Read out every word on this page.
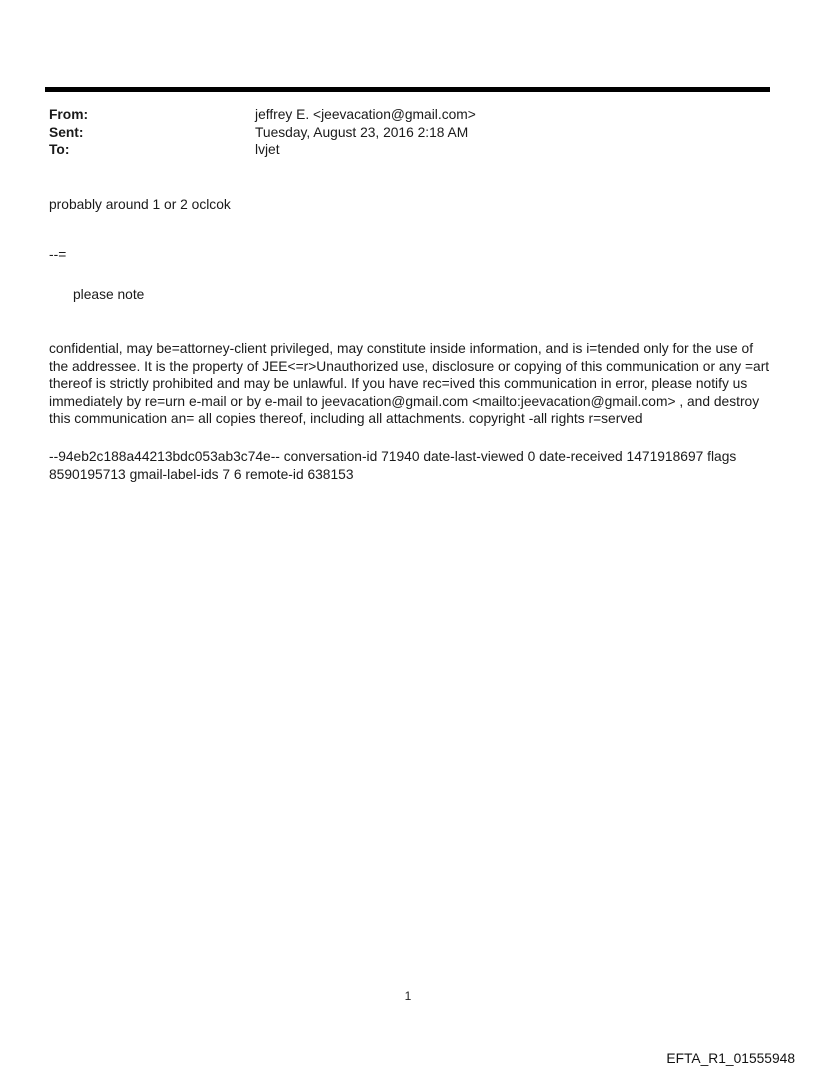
From:	jeffrey E. <jeevacation@gmail.com>
Sent:	Tuesday, August 23, 2016 2:18 AM
To:	lvjet
probably around 1 or 2 oclcok
--=
please note
confidential, may be=attorney-client privileged, may constitute inside information, and is i=tended only for the use of the addressee. It is the property of JEE<=r>Unauthorized use, disclosure or copying of this communication or any =art thereof is strictly prohibited and may be unlawful. If you have rec=ived this communication in error, please notify us immediately by re=urn e-mail or by e-mail to jeevacation@gmail.com <mailto:jeevacation@gmail.com> , and destroy this communication an= all copies thereof, including all attachments. copyright -all rights r=served
--94eb2c188a44213bdc053ab3c74e-- conversation-id 71940 date-last-viewed 0 date-received 1471918697 flags 8590195713 gmail-label-ids 7 6 remote-id 638153
1
EFTA_R1_01555948
